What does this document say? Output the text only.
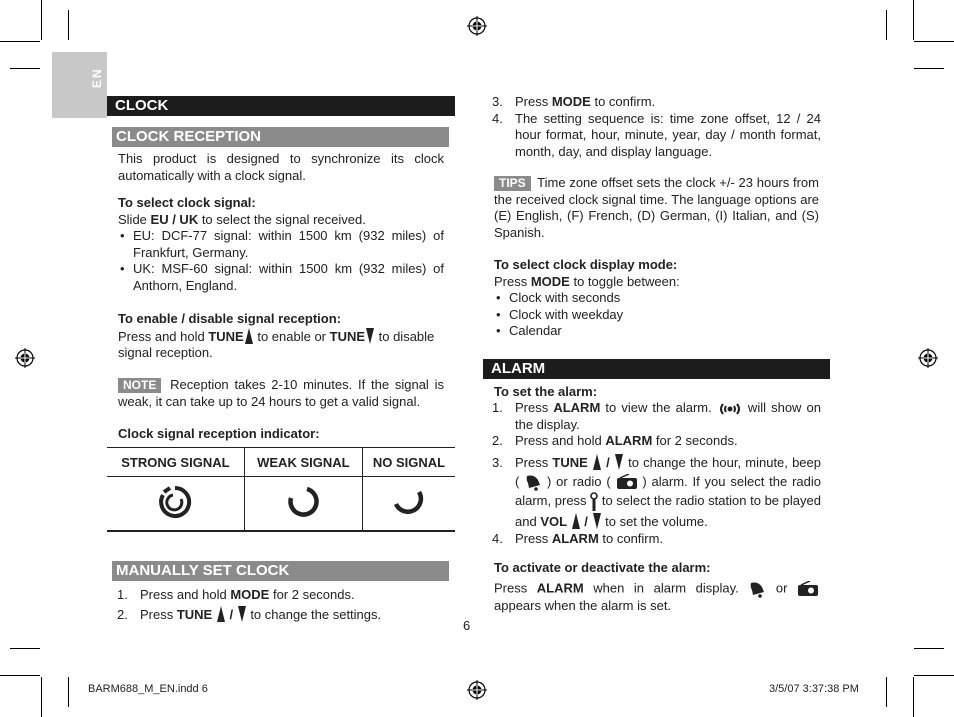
EN
CLOCK
CLOCK RECEPTION
This product is designed to synchronize its clock automatically with a clock signal.
To select clock signal:
Slide EU / UK to select the signal received.
• EU: DCF-77 signal: within 1500 km (932 miles) of Frankfurt, Germany.
• UK: MSF-60 signal: within 1500 km (932 miles) of Anthorn, England.
To enable / disable signal reception:
Press and hold TUNE to enable or TUNE to disable signal reception.
NOTE Reception takes 2-10 minutes. If the signal is weak, it can take up to 24 hours to get a valid signal.
Clock signal reception indicator:
STRONG SIGNAL	WEAK SIGNAL	NO SIGNAL

MANUALLY SET CLOCK
1. Press and hold MODE for 2 seconds.
2. Press TUNE  /  to change the settings.
6
3. Press MODE to confirm.
4. The setting sequence is: time zone offset, 12 / 24 hour format, hour, minute, year, day / month format, month, day, and display language.
TIPS Time zone offset sets the clock +/- 23 hours from the received clock signal time. The language options are (E) English, (F) French, (D) German, (I) Italian, and (S) Spanish.
To select clock display mode:
Press MODE to toggle between:
• Clock with seconds
• Clock with weekday
• Calendar
ALARM
To set the alarm:
1. Press ALARM to view the alarm.  will show on the display.
2. Press and hold ALARM for 2 seconds.
3. Press TUNE  /  to change the hour, minute, beep (  ) or radio (  ) alarm. If you select the radio alarm, press  to select the radio station to be played and VOL  /  to set the volume.
4. Press ALARM to confirm.
To activate or deactivate the alarm:
Press ALARM when in alarm display.  or  appears when the alarm is set.
BARM688_M_EN.indd 6	3/5/07 3:37:38 PM
